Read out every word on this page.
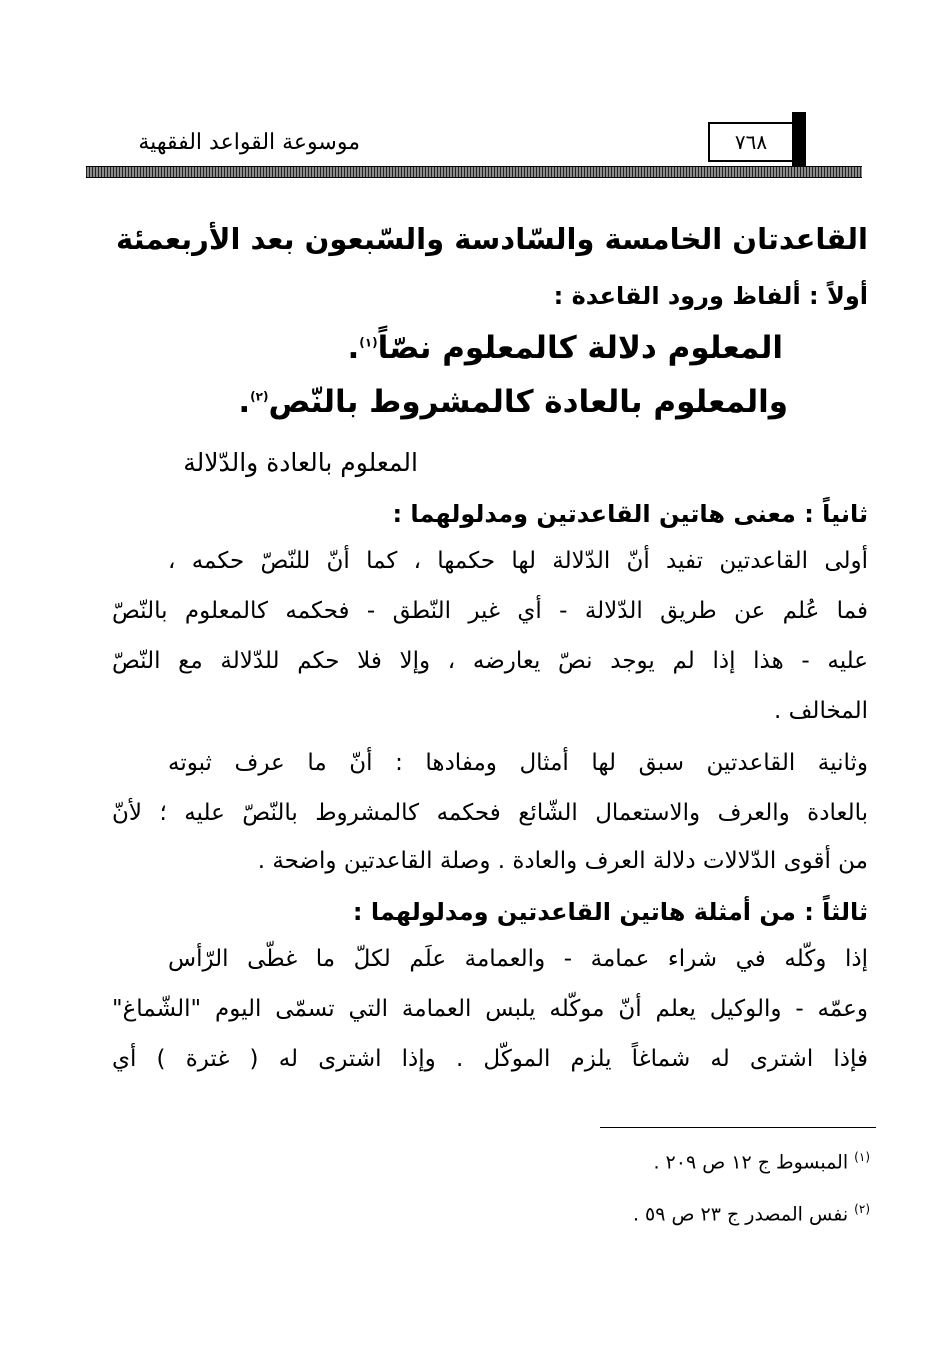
موسوعة القواعد الفقهية	٧٦٨
القاعدتان الخامسة والسّادسة والسّبعون بعد الأربعمئة
أولاً : ألفاظ ورود القاعدة :
المعلوم دلالة كالمعلوم نصّاً$^{(١)}$.
والمعلوم بالعادة كالمشروط بالنّص$^{(٢)}$.
المعلوم بالعادة والدّلالة
ثانياً : معنى هاتين القاعدتين ومدلولهما :
أولى القاعدتين تفيد أنّ الدّلالة لها حكمها ، كما أنّ للنّصّ حكمه ،
فما عُلم عن طريق الدّلالة - أي غير النّطق - فحكمه كالمعلوم بالنّصّ
عليه - هذا إذا لم يوجد نصّ يعارضه ، وإلا فلا حكم للدّلالة مع النّصّ
المخالف .
وثانية القاعدتين سبق لها أمثال ومفادها : أنّ ما عرف ثبوته
بالعادة والعرف والاستعمال الشّائع فحكمه كالمشروط بالنّصّ عليه ؛ لأنّ
من أقوى الدّلالات دلالة العرف والعادة . وصلة القاعدتين واضحة .
ثالثاً : من أمثلة هاتين القاعدتين ومدلولهما :
إذا وكّله في شراء عمامة - والعمامة علَم لكلّ ما غطّى الرّأس
وعمّه - والوكيل يعلم أنّ موكّله يلبس العمامة التي تسمّى اليوم "الشّماغ"
فإذا اشترى له شماغاً يلزم الموكّل . وإذا اشترى له ( غترة ) أي
$^{(١)}$ المبسوط ج ١٢ ص ٢٠٩ .
$^{(٢)}$ نفس المصدر ج ٢٣ ص ٥٩ .
